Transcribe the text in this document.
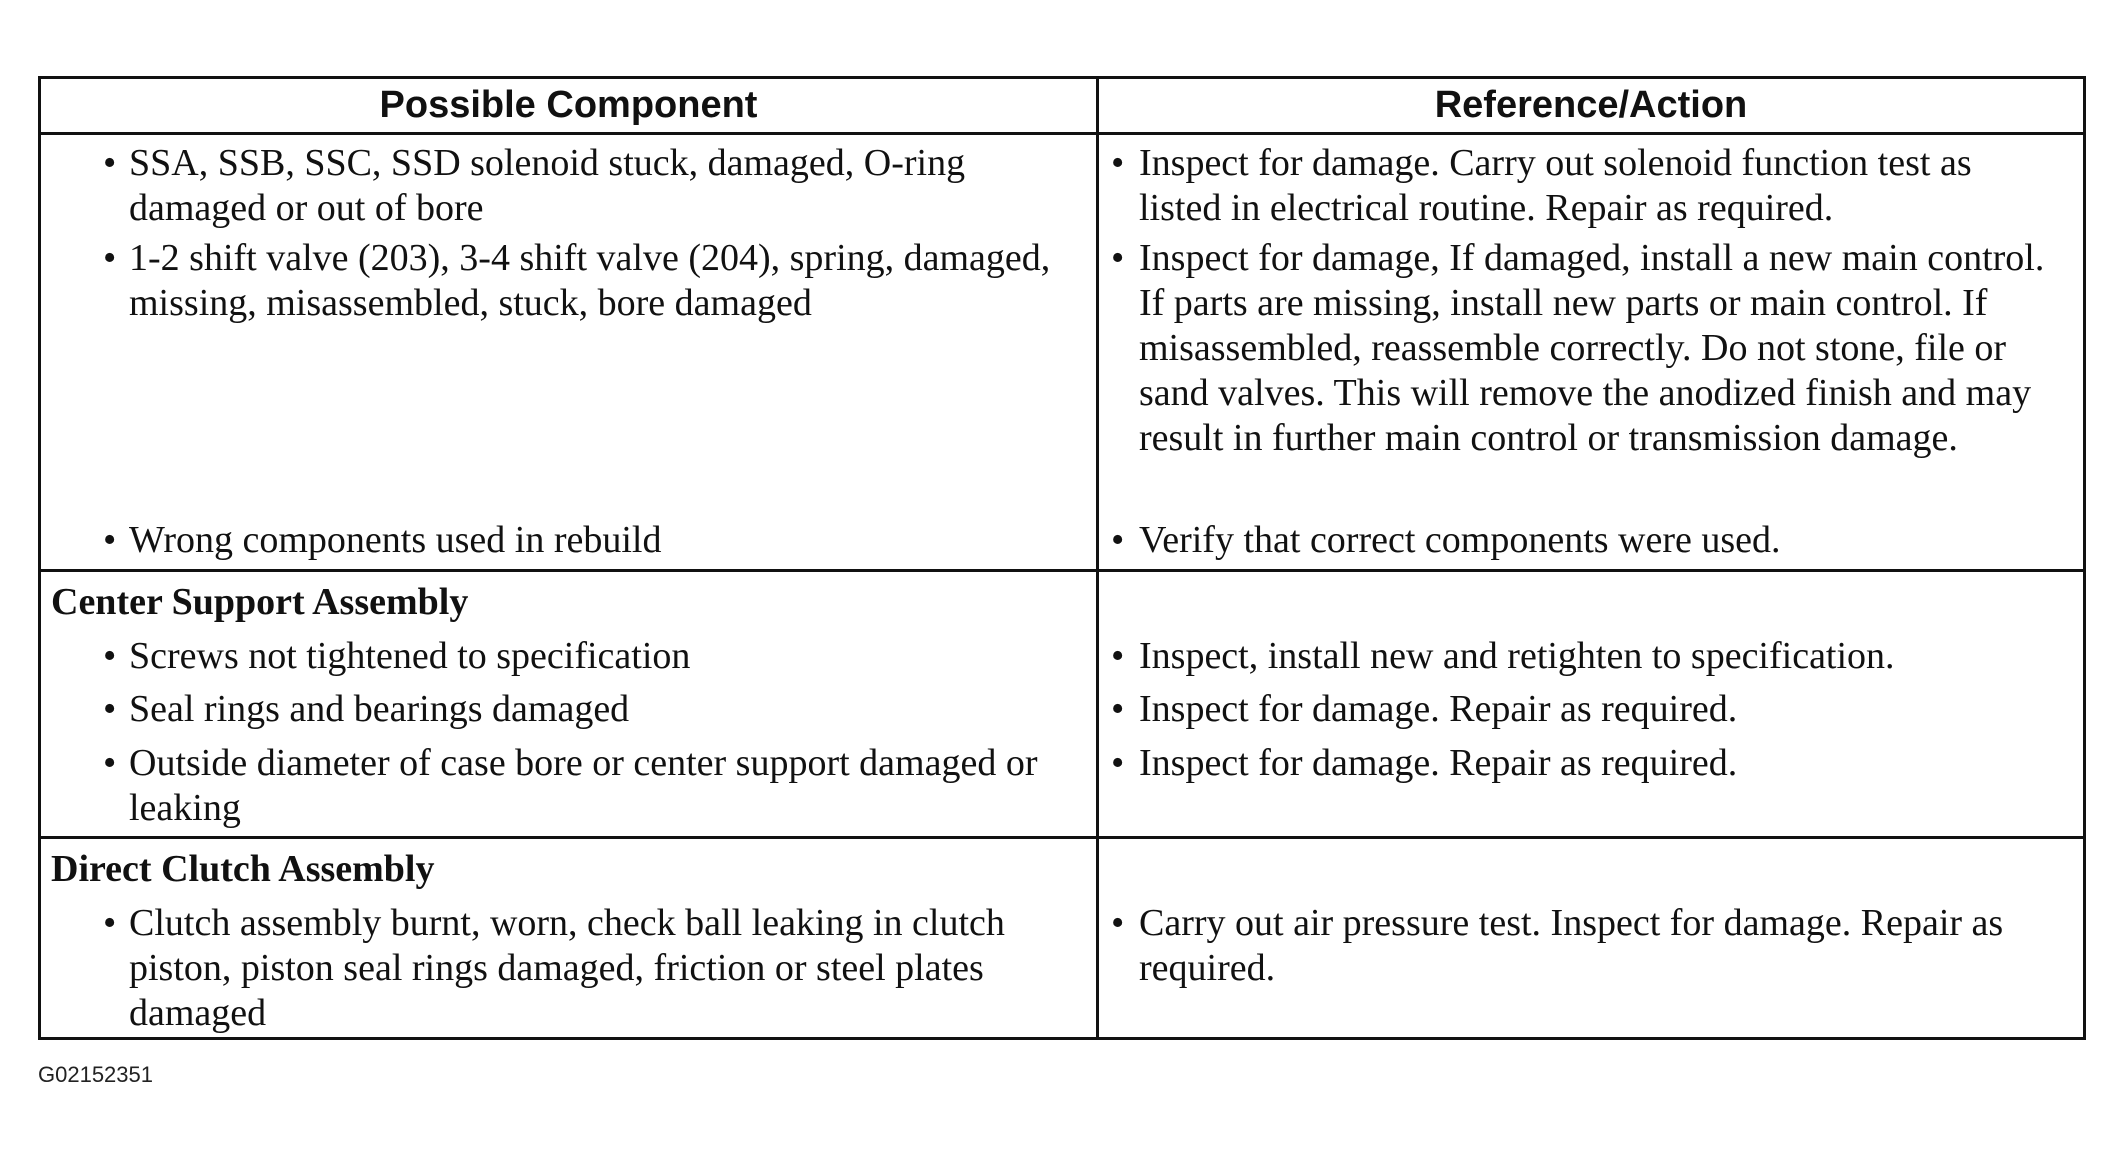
Possible Component	Reference/Action
• SSA, SSB, SSC, SSD solenoid stuck, damaged, O-ring damaged or out of bore
• 1-2 shift valve (203), 3-4 shift valve (204), spring, damaged, missing, misassembled, stuck, bore damaged
• Wrong components used in rebuild
• Inspect for damage. Carry out solenoid function test as listed in electrical routine. Repair as required.
• Inspect for damage, If damaged, install a new main control. If parts are missing, install new parts or main control. If misassembled, reassemble correctly. Do not stone, file or sand valves. This will remove the anodized finish and may result in further main control or transmission damage.
• Verify that correct components were used.
Center Support Assembly
• Screws not tightened to specification
• Seal rings and bearings damaged
• Outside diameter of case bore or center support damaged or leaking
• Inspect, install new and retighten to specification.
• Inspect for damage. Repair as required.
• Inspect for damage. Repair as required.
Direct Clutch Assembly
• Clutch assembly burnt, worn, check ball leaking in clutch piston, piston seal rings damaged, friction or steel plates damaged
• Carry out air pressure test. Inspect for damage. Repair as required.
G02152351
